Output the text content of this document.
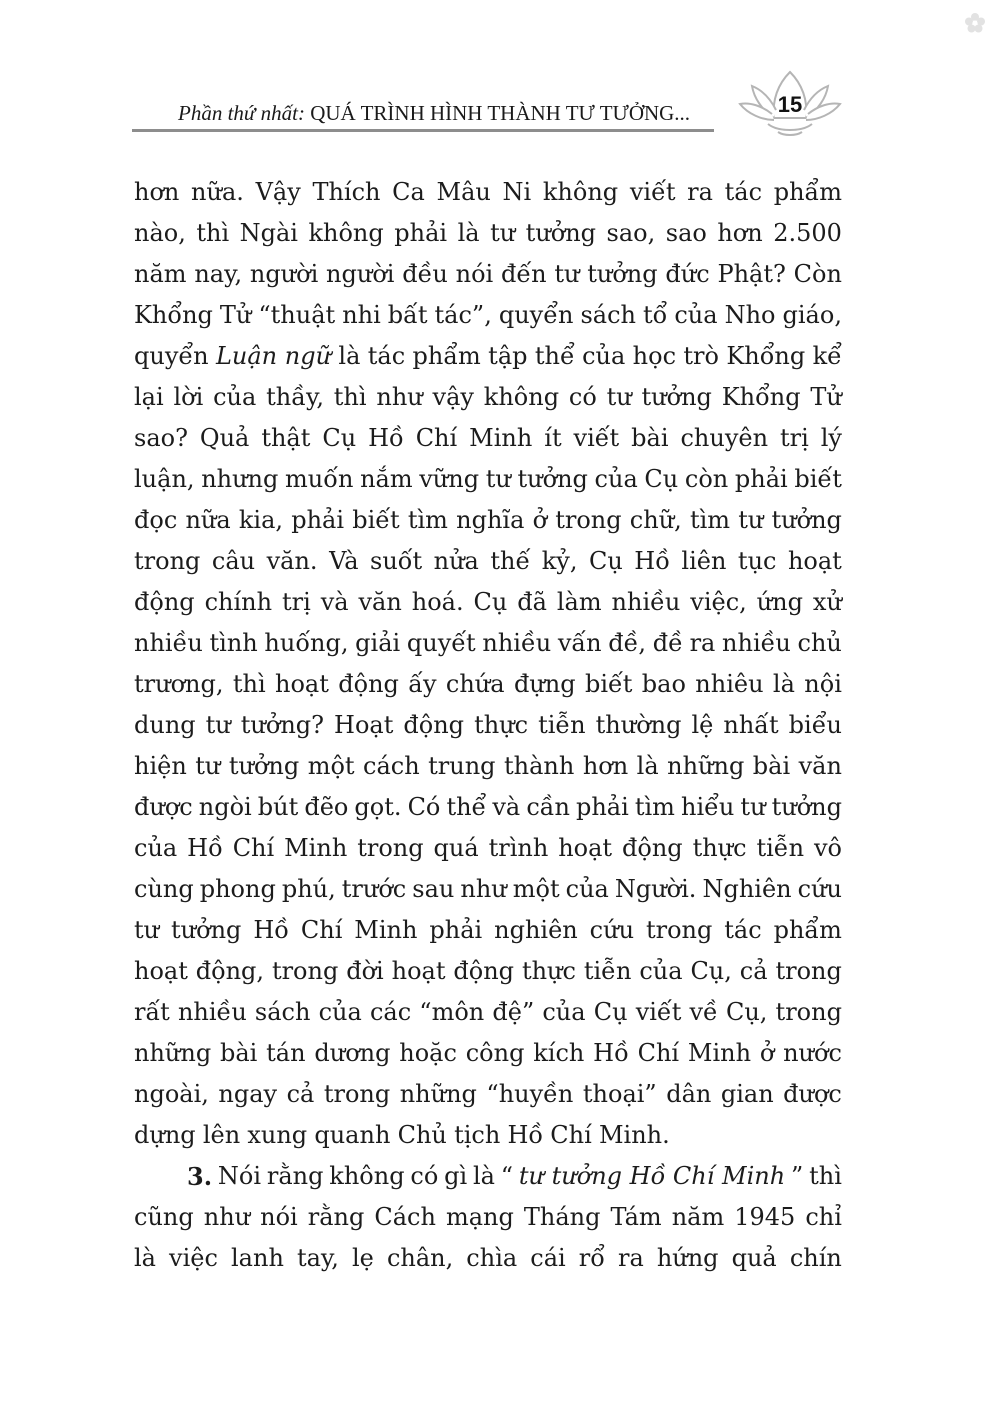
Phần thứ nhất: QUÁ TRÌNH HÌNH THÀNH TƯ TƯỞNG...	15
hơn nữa. Vậy Thích Ca Mâu Ni không viết ra tác phẩm
nào, thì Ngài không phải là tư tưởng sao, sao hơn 2.500
năm nay, người người đều nói đến tư tưởng đức Phật? Còn
Khổng Tử “thuật nhi bất tác”, quyển sách tổ của Nho giáo,
quyển Luận ngữ là tác phẩm tập thể của học trò Khổng kể
lại lời của thầy, thì như vậy không có tư tưởng Khổng Tử
sao? Quả thật Cụ Hồ Chí Minh ít viết bài chuyên trị lý
luận, nhưng muốn nắm vững tư tưởng của Cụ còn phải biết
đọc nữa kia, phải biết tìm nghĩa ở trong chữ, tìm tư tưởng
trong câu văn. Và suốt nửa thế kỷ, Cụ Hồ liên tục hoạt
động chính trị và văn hoá. Cụ đã làm nhiều việc, ứng xử
nhiều tình huống, giải quyết nhiều vấn đề, đề ra nhiều chủ
trương, thì hoạt động ấy chứa đựng biết bao nhiêu là nội
dung tư tưởng? Hoạt động thực tiễn thường lệ nhất biểu
hiện tư tưởng một cách trung thành hơn là những bài văn
được ngòi bút đẽo gọt. Có thể và cần phải tìm hiểu tư tưởng
của Hồ Chí Minh trong quá trình hoạt động thực tiễn vô
cùng phong phú, trước sau như một của Người. Nghiên cứu
tư tưởng Hồ Chí Minh phải nghiên cứu trong tác phẩm
hoạt động, trong đời hoạt động thực tiễn của Cụ, cả trong
rất nhiều sách của các “môn đệ” của Cụ viết về Cụ, trong
những bài tán dương hoặc công kích Hồ Chí Minh ở nước
ngoài, ngay cả trong những “huyền thoại” dân gian được
dựng lên xung quanh Chủ tịch Hồ Chí Minh.
3. Nói rằng không có gì là “ tư tưởng Hồ Chí Minh ” thì
cũng như nói rằng Cách mạng Tháng Tám năm 1945 chỉ
là việc lanh tay, lẹ chân, chìa cái rổ ra hứng quả chín
